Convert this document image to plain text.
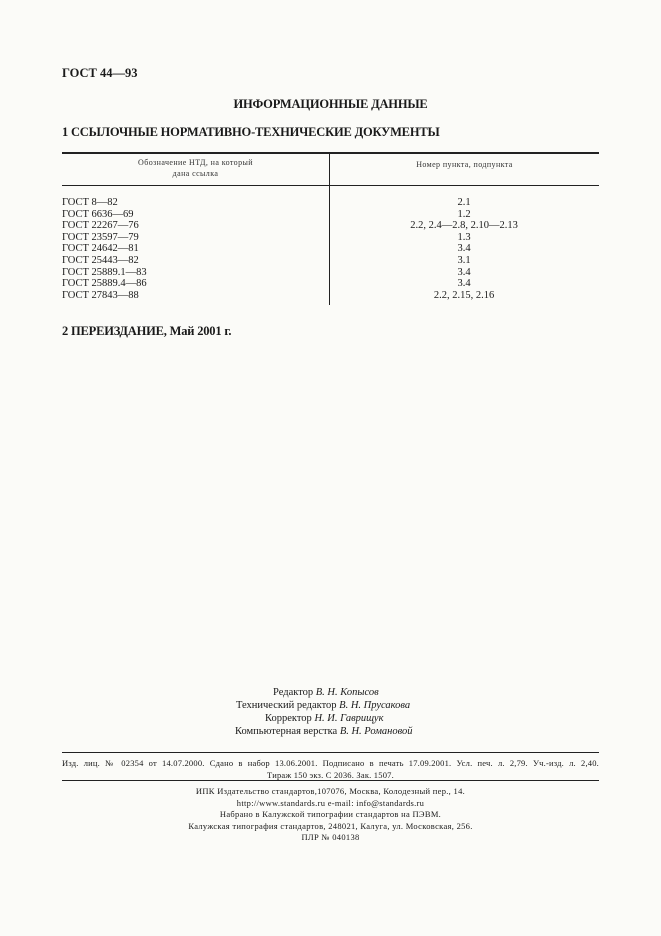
ГОСТ 44—93
ИНФОРМАЦИОННЫЕ ДАННЫЕ
1 ССЫЛОЧНЫЕ НОРМАТИВНО-ТЕХНИЧЕСКИЕ ДОКУМЕНТЫ
Обозначение НТД, на который
дана ссылка
Номер пункта, подпункта
ГОСТ 8—82
ГОСТ 6636—69
ГОСТ 22267—76
ГОСТ 23597—79
ГОСТ 24642—81
ГОСТ 25443—82
ГОСТ 25889.1—83
ГОСТ 25889.4—86
ГОСТ 27843—88
2.1
1.2
2.2, 2.4—2.8, 2.10—2.13
1.3
3.4
3.1
3.4
3.4
2.2, 2.15, 2.16
2 ПЕРЕИЗДАНИЕ, Май 2001 г.
Редактор В. Н. Копысов
Технический редактор В. Н. Прусакова
Корректор Н. И. Гаврищук
Компьютерная верстка В. Н. Романовой
Изд. лиц. № 02354 от 14.07.2000. Сдано в набор 13.06.2001. Подписано в печать 17.09.2001. Усл. печ. л. 2,79. Уч.-изд. л. 2,40.
Тираж 150 экз. С 2036. Зак. 1507.
ИПК Издательство стандартов,107076, Москва, Колодезный пер., 14.
http://www.standards.ru e-mail: info@standards.ru
Набрано в Калужской типографии стандартов на ПЭВМ.
Калужская типография стандартов, 248021, Калуга, ул. Московская, 256.
ПЛР № 040138
